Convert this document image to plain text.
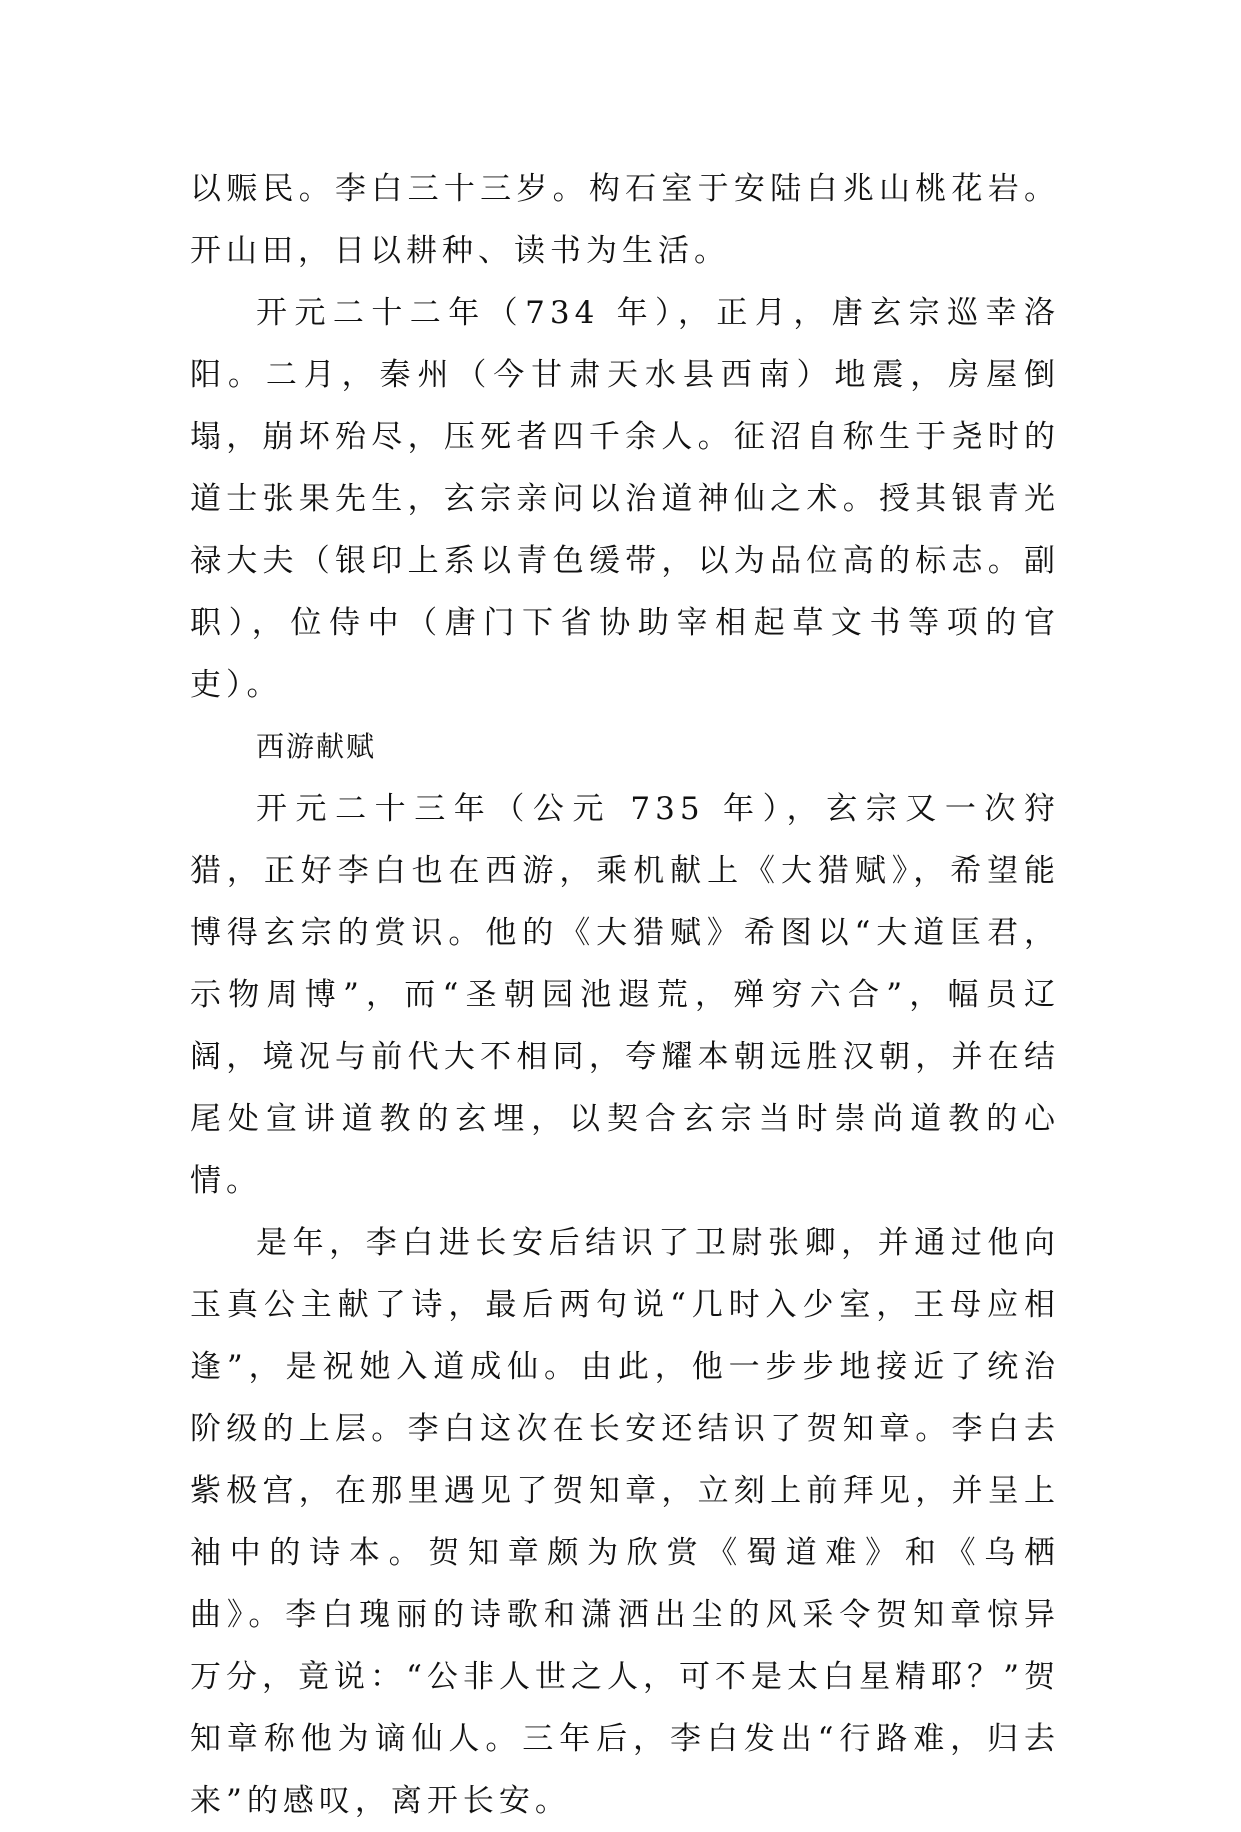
以赈民。李白三十三岁。构石室于安陆白兆山桃花岩。开山田，日以耕种、读书为生活。

开元二十二年（734 年），正月，唐玄宗巡幸洛阳。二月，秦州（今甘肃天水县西南）地震，房屋倒塌，崩坏殆尽，压死者四千余人。征沼自称生于尧时的道士张果先生，玄宗亲问以治道神仙之术。授其银青光禄大夫（银印上系以青色缓带，以为品位高的标志。副职），位侍中（唐门下省协助宰相起草文书等项的官吏）。

西游献赋

开元二十三年（公元 735 年），玄宗又一次狩猎，正好李白也在西游，乘机献上《大猎赋》，希望能博得玄宗的赏识。他的《大猎赋》希图以“大道匡君，示物周博”，而“圣朝园池遐荒，殚穷六合”，幅员辽阔，境况与前代大不相同，夸耀本朝远胜汉朝，并在结尾处宣讲道教的玄埋，以契合玄宗当时崇尚道教的心情。

是年，李白进长安后结识了卫尉张卿，并通过他向玉真公主献了诗，最后两句说“几时入少室，王母应相逢”，是祝她入道成仙。由此，他一步步地接近了统治阶级的上层。李白这次在长安还结识了贺知章。李白去紫极宫，在那里遇见了贺知章，立刻上前拜见，并呈上袖中的诗本。贺知章颇为欣赏《蜀道难》和《乌栖曲》。李白瑰丽的诗歌和潇洒出尘的风采令贺知章惊异万分，竟说：“公非人世之人，可不是太白星精耶？”贺知章称他为谪仙人。三年后，李白发出“行路难，归去来”的感叹，离开长安。
